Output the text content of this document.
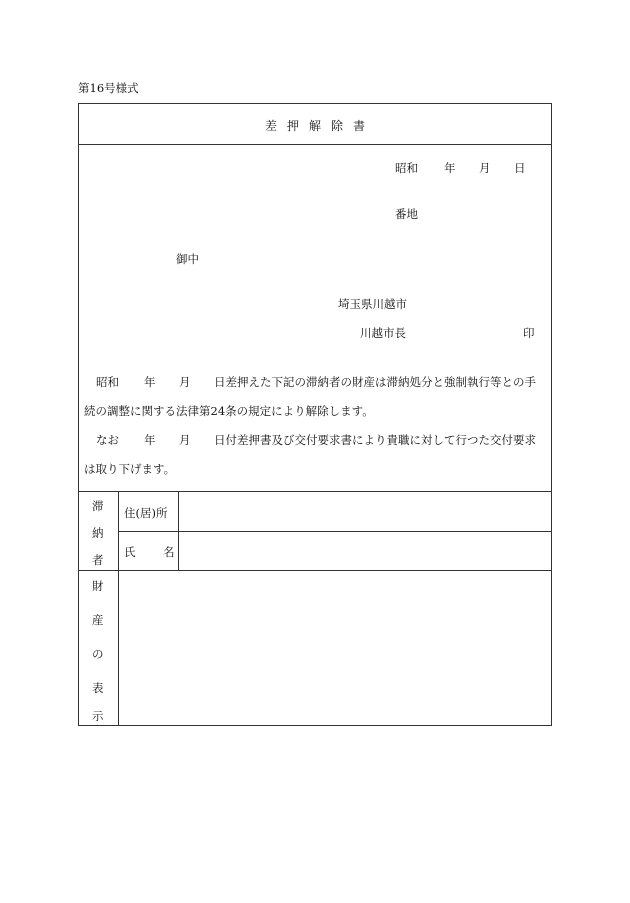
第16号様式
差 押 解 除 書
昭和 年 月 日
番地
御中
埼玉県川越市
川越市長	印
昭和 年 月 日差押えた下記の滞納者の財産は滞納処分と強制執行等との手
続の調整に関する法律第24条の規定により解除します。
なお 年 月 日付差押書及び交付要求書により貴職に対して行つた交付要求
は取り下げます。
滞
納
者
住(居)所
氏 名
財
産
の
表
示
